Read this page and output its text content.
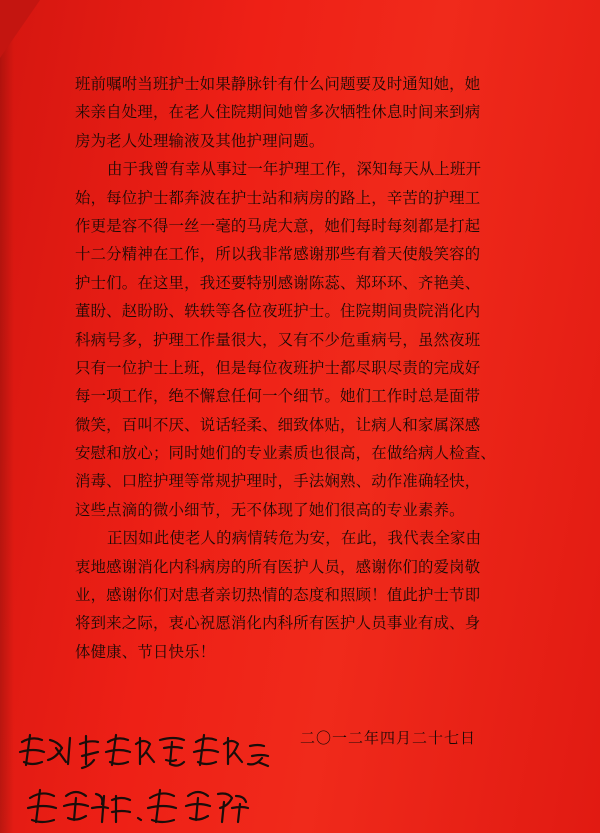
班前嘱咐当班护士如果静脉针有什么问题要及时通知她，她
来亲自处理，在老人住院期间她曾多次牺牲休息时间来到病
房为老人处理输液及其他护理问题。
由于我曾有幸从事过一年护理工作，深知每天从上班开
始，每位护士都奔波在护士站和病房的路上，辛苦的护理工
作更是容不得一丝一毫的马虎大意，她们每时每刻都是打起
十二分精神在工作，所以我非常感谢那些有着天使般笑容的
护士们。在这里，我还要特别感谢陈蕊、郑环环、齐艳美、
董盼、赵盼盼、轶轶等各位夜班护士。住院期间贵院消化内
科病号多，护理工作量很大，又有不少危重病号，虽然夜班
只有一位护士上班，但是每位夜班护士都尽职尽责的完成好
每一项工作，绝不懈怠任何一个细节。她们工作时总是面带
微笑，百叫不厌、说话轻柔、细致体贴，让病人和家属深感
安慰和放心；同时她们的专业素质也很高，在做给病人检查、
消毒、口腔护理等常规护理时，手法娴熟、动作准确轻快，
这些点滴的微小细节，无不体现了她们很高的专业素养。
正因如此使老人的病情转危为安，在此，我代表全家由
衷地感谢消化内科病房的所有医护人员，感谢你们的爱岗敬
业，感谢你们对患者亲切热情的态度和照顾！值此护士节即
将到来之际，衷心祝愿消化内科所有医护人员事业有成、身
体健康、节日快乐！
二〇一二年四月二十七日
